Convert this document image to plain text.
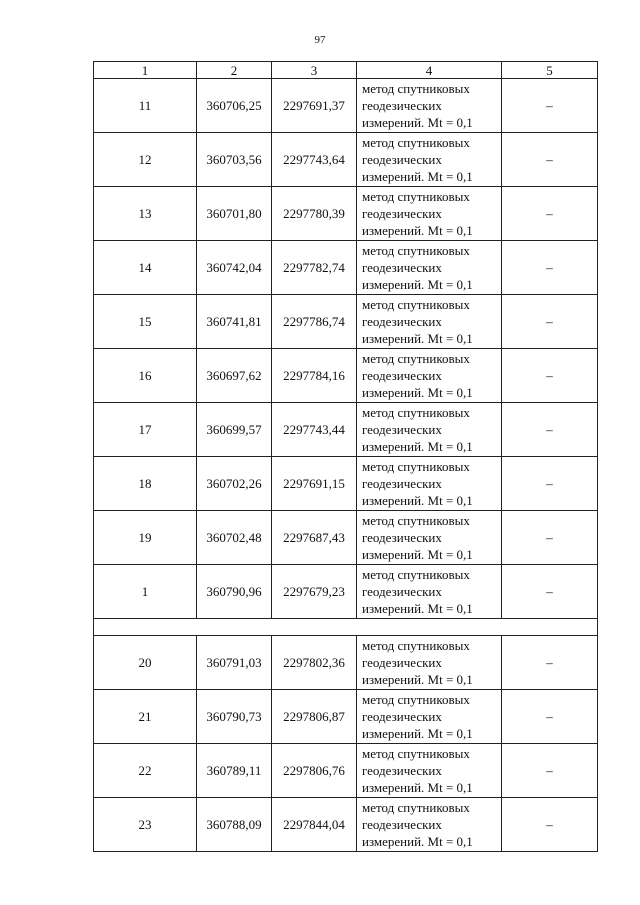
97
1	2	3	4	5
11	360706,25	2297691,37	метод спутниковых
геодезических
измерений. Mt = 0,1	–
12	360703,56	2297743,64	метод спутниковых
геодезических
измерений. Mt = 0,1	–
13	360701,80	2297780,39	метод спутниковых
геодезических
измерений. Mt = 0,1	–
14	360742,04	2297782,74	метод спутниковых
геодезических
измерений. Mt = 0,1	–
15	360741,81	2297786,74	метод спутниковых
геодезических
измерений. Mt = 0,1	–
16	360697,62	2297784,16	метод спутниковых
геодезических
измерений. Mt = 0,1	–
17	360699,57	2297743,44	метод спутниковых
геодезических
измерений. Mt = 0,1	–
18	360702,26	2297691,15	метод спутниковых
геодезических
измерений. Mt = 0,1	–
19	360702,48	2297687,43	метод спутниковых
геодезических
измерений. Mt = 0,1	–
1	360790,96	2297679,23	метод спутниковых
геодезических
измерений. Mt = 0,1	–

20	360791,03	2297802,36	метод спутниковых
геодезических
измерений. Mt = 0,1	–
21	360790,73	2297806,87	метод спутниковых
геодезических
измерений. Mt = 0,1	–
22	360789,11	2297806,76	метод спутниковых
геодезических
измерений. Mt = 0,1	–
23	360788,09	2297844,04	метод спутниковых
геодезических
измерений. Mt = 0,1	–
